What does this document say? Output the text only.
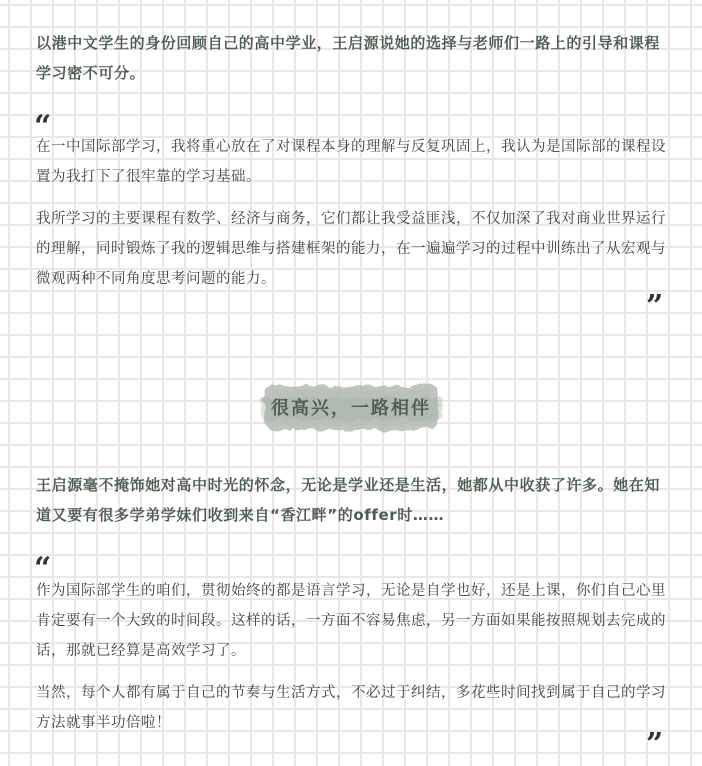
以港中文学生的身份回顾自己的高中学业，王启源说她的选择与老师们一路上的引导和课程学习密不可分。

“

在一中国际部学习，我将重心放在了对课程本身的理解与反复巩固上，我认为是国际部的课程设置为我打下了很牢靠的学习基础。

我所学习的主要课程有数学、经济与商务，它们都让我受益匪浅，不仅加深了我对商业世界运行的理解，同时锻炼了我的逻辑思维与搭建框架的能力，在一遍遍学习的过程中训练出了从宏观与微观两种不同角度思考问题的能力。

”
很高兴，一路相伴

王启源毫不掩饰她对高中时光的怀念，无论是学业还是生活，她都从中收获了许多。她在知道又要有很多学弟学妹们收到来自“香江畔”的offer时……

“

作为国际部学生的咱们，贯彻始终的都是语言学习，无论是自学也好，还是上课，你们自己心里肯定要有一个大致的时间段。这样的话，一方面不容易焦虑，另一方面如果能按照规划去完成的话，那就已经算是高效学习了。

当然，每个人都有属于自己的节奏与生活方式，不必过于纠结，多花些时间找到属于自己的学习方法就事半功倍啦！

”
